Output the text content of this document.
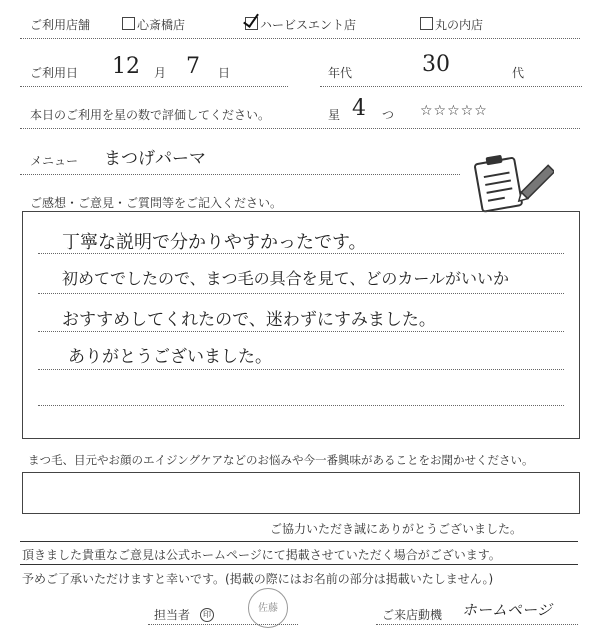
ご利用店舗	心斎橋店	ハービスエント店	丸の内店
ご利用日 12 月 7 日	年代	30	代
本日のご利用を星の数で評価してください。	星 4 つ ☆☆☆☆☆
メニュー まつげパーマ
ご感想・ご意見・ご質問等をご記入ください。
丁寧な説明で分かりやすかったです。
初めてでしたので、まつ毛の具合を見て、どのカールがいいか
おすすめしてくれたので、迷わずにすみました。
ありがとうございました。
まつ毛、目元やお顔のエイジングケアなどのお悩みや今一番興味があることをお聞かせください。
ご協力いただき誠にありがとうございました。
頂きました貴重なご意見は公式ホームページにて掲載させていただく場合がございます。
予めご了承いただけますと幸いです。(掲載の際にはお名前の部分は掲載いたしません。)
担当者	印
佐藤	ご来店動機 ホームページ
